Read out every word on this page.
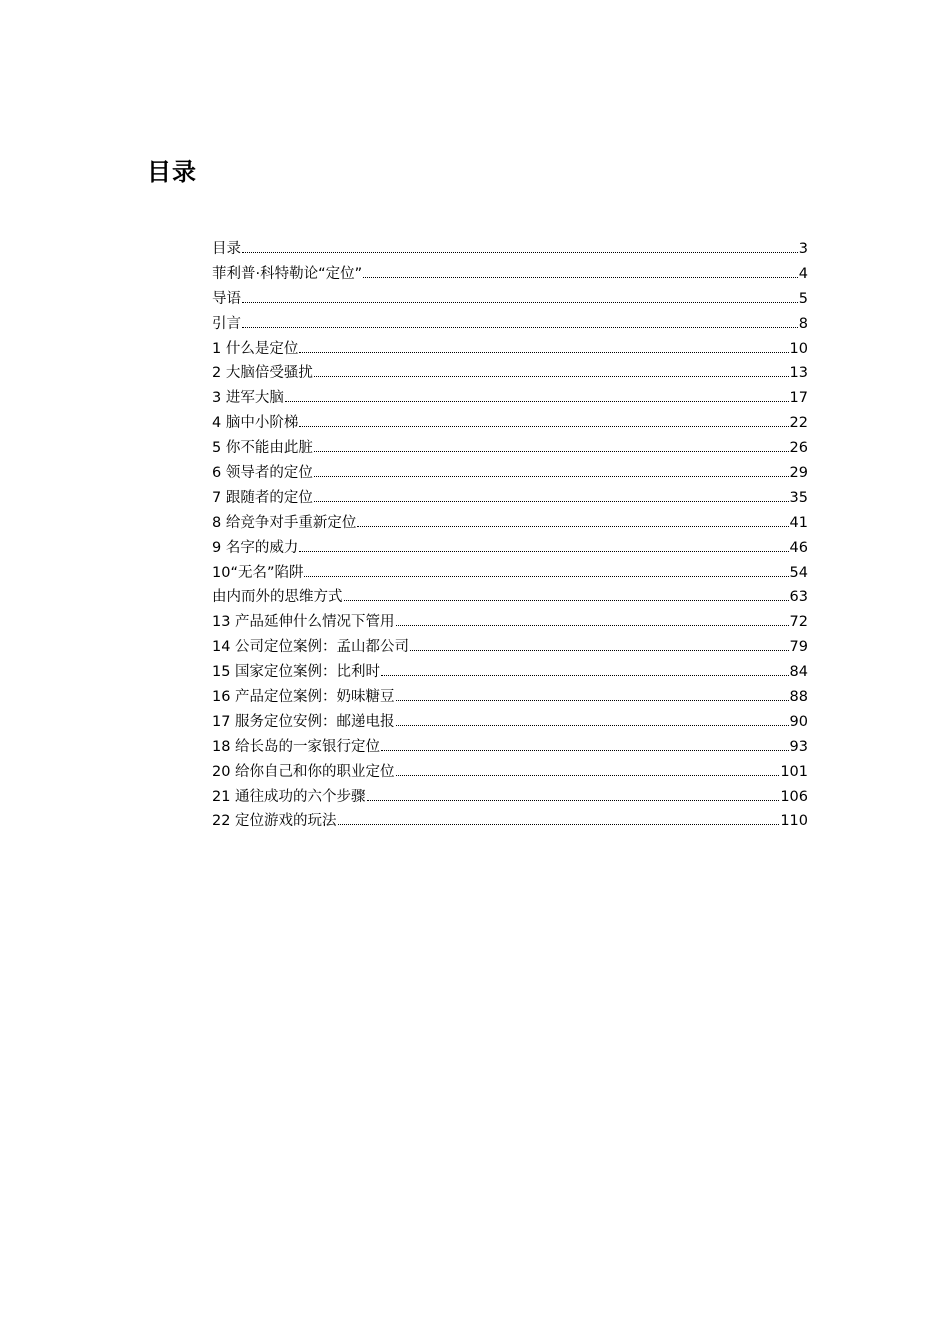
目录
目录	3
菲利普·科特勒论“定位”	4
导语	5
引言	8
1 什么是定位	10
2 大脑倍受骚扰	13
3 进军大脑	17
4 脑中小阶梯	22
5 你不能由此脏	26
6 领导者的定位	29
7 跟随者的定位	35
8 给竞争对手重新定位	41
9 名字的威力	46
10“无名”陷阱	54
由内而外的思维方式	63
13 产品延伸什么情况下管用	72
14 公司定位案例：孟山都公司	79
15 国家定位案例：比利时	84
16 产品定位案例：奶味糖豆	88
17 服务定位安例：邮递电报	90
18 给长岛的一家银行定位	93
20 给你自己和你的职业定位	101
21 通往成功的六个步骤	106
22 定位游戏的玩法	110
